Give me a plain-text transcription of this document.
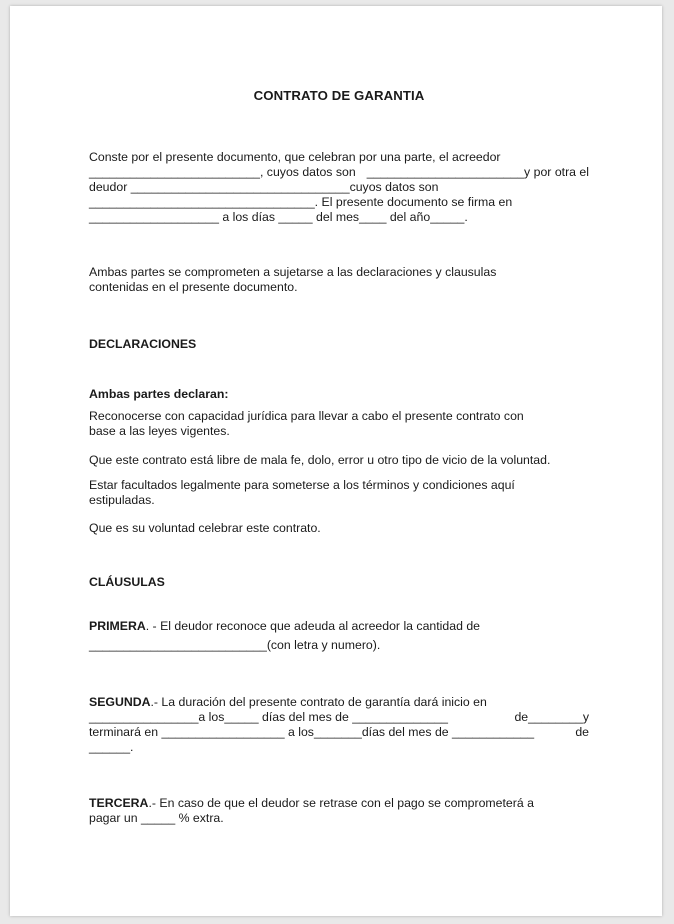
CONTRATO DE GARANTIA
Conste por el presente documento, que celebran por una parte, el acreedor
_________________________, cuyos datos son _______________________y por otra el
deudor ________________________________ cuyos datos son
_________________________________. El presente documento se firma en
___________________ a los días _____ del mes____ del año_____.
Ambas partes se comprometen a sujetarse a las declaraciones y clausulas
contenidas en el presente documento.
DECLARACIONES
Ambas partes declaran:
Reconocerse con capacidad jurídica para llevar a cabo el presente contrato con
base a las leyes vigentes.
Que este contrato está libre de mala fe, dolo, error u otro tipo de vicio de la voluntad.
Estar facultados legalmente para someterse a los términos y condiciones aquí
estipuladas.
Que es su voluntad celebrar este contrato.
CLÁUSULAS
PRIMERA. - El deudor reconoce que adeuda al acreedor la cantidad de
__________________________(con letra y numero).
SEGUNDA.- La duración del presente contrato de garantía dará inicio en
________________a los_____ días del mes de ______________	de________y
terminará en __________________ a los_______días del mes de ____________	de
______.
TERCERA.- En caso de que el deudor se retrase con el pago se comprometerá a
pagar un _____ % extra.
